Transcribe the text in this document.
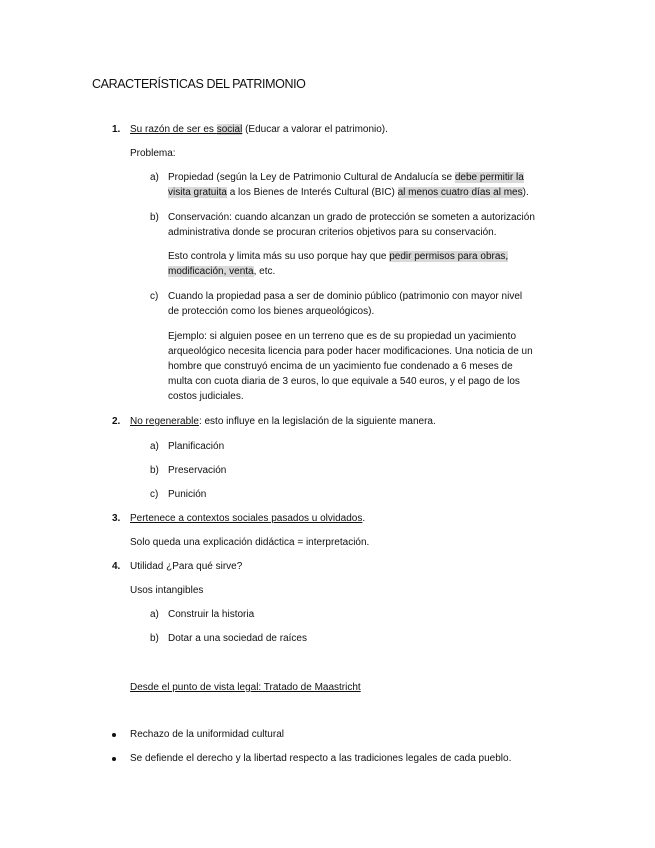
CARACTERÍSTICAS DEL PATRIMONIO
1. Su razón de ser es social (Educar a valorar el patrimonio).
Problema:
a) Propiedad (según la Ley de Patrimonio Cultural de Andalucía se debe permitir la
visita gratuita a los Bienes de Interés Cultural (BIC) al menos cuatro días al mes).
b) Conservación: cuando alcanzan un grado de protección se someten a autorización
administrativa donde se procuran criterios objetivos para su conservación.
Esto controla y limita más su uso porque hay que pedir permisos para obras,
modificación, venta, etc.
c) Cuando la propiedad pasa a ser de dominio público (patrimonio con mayor nivel
de protección como los bienes arqueológicos).
Ejemplo: si alguien posee en un terreno que es de su propiedad un yacimiento
arqueológico necesita licencia para poder hacer modificaciones. Una noticia de un
hombre que construyó encima de un yacimiento fue condenado a 6 meses de
multa con cuota diaria de 3 euros, lo que equivale a 540 euros, y el pago de los
costos judiciales.
2. No regenerable: esto influye en la legislación de la siguiente manera.
a) Planificación
b) Preservación
c) Punición
3. Pertenece a contextos sociales pasados u olvidados.
Solo queda una explicación didáctica = interpretación.
4. Utilidad ¿Para qué sirve?
Usos intangibles
a) Construir la historia
b) Dotar a una sociedad de raíces
Desde el punto de vista legal: Tratado de Maastricht
Rechazo de la uniformidad cultural
Se defiende el derecho y la libertad respecto a las tradiciones legales de cada pueblo.
